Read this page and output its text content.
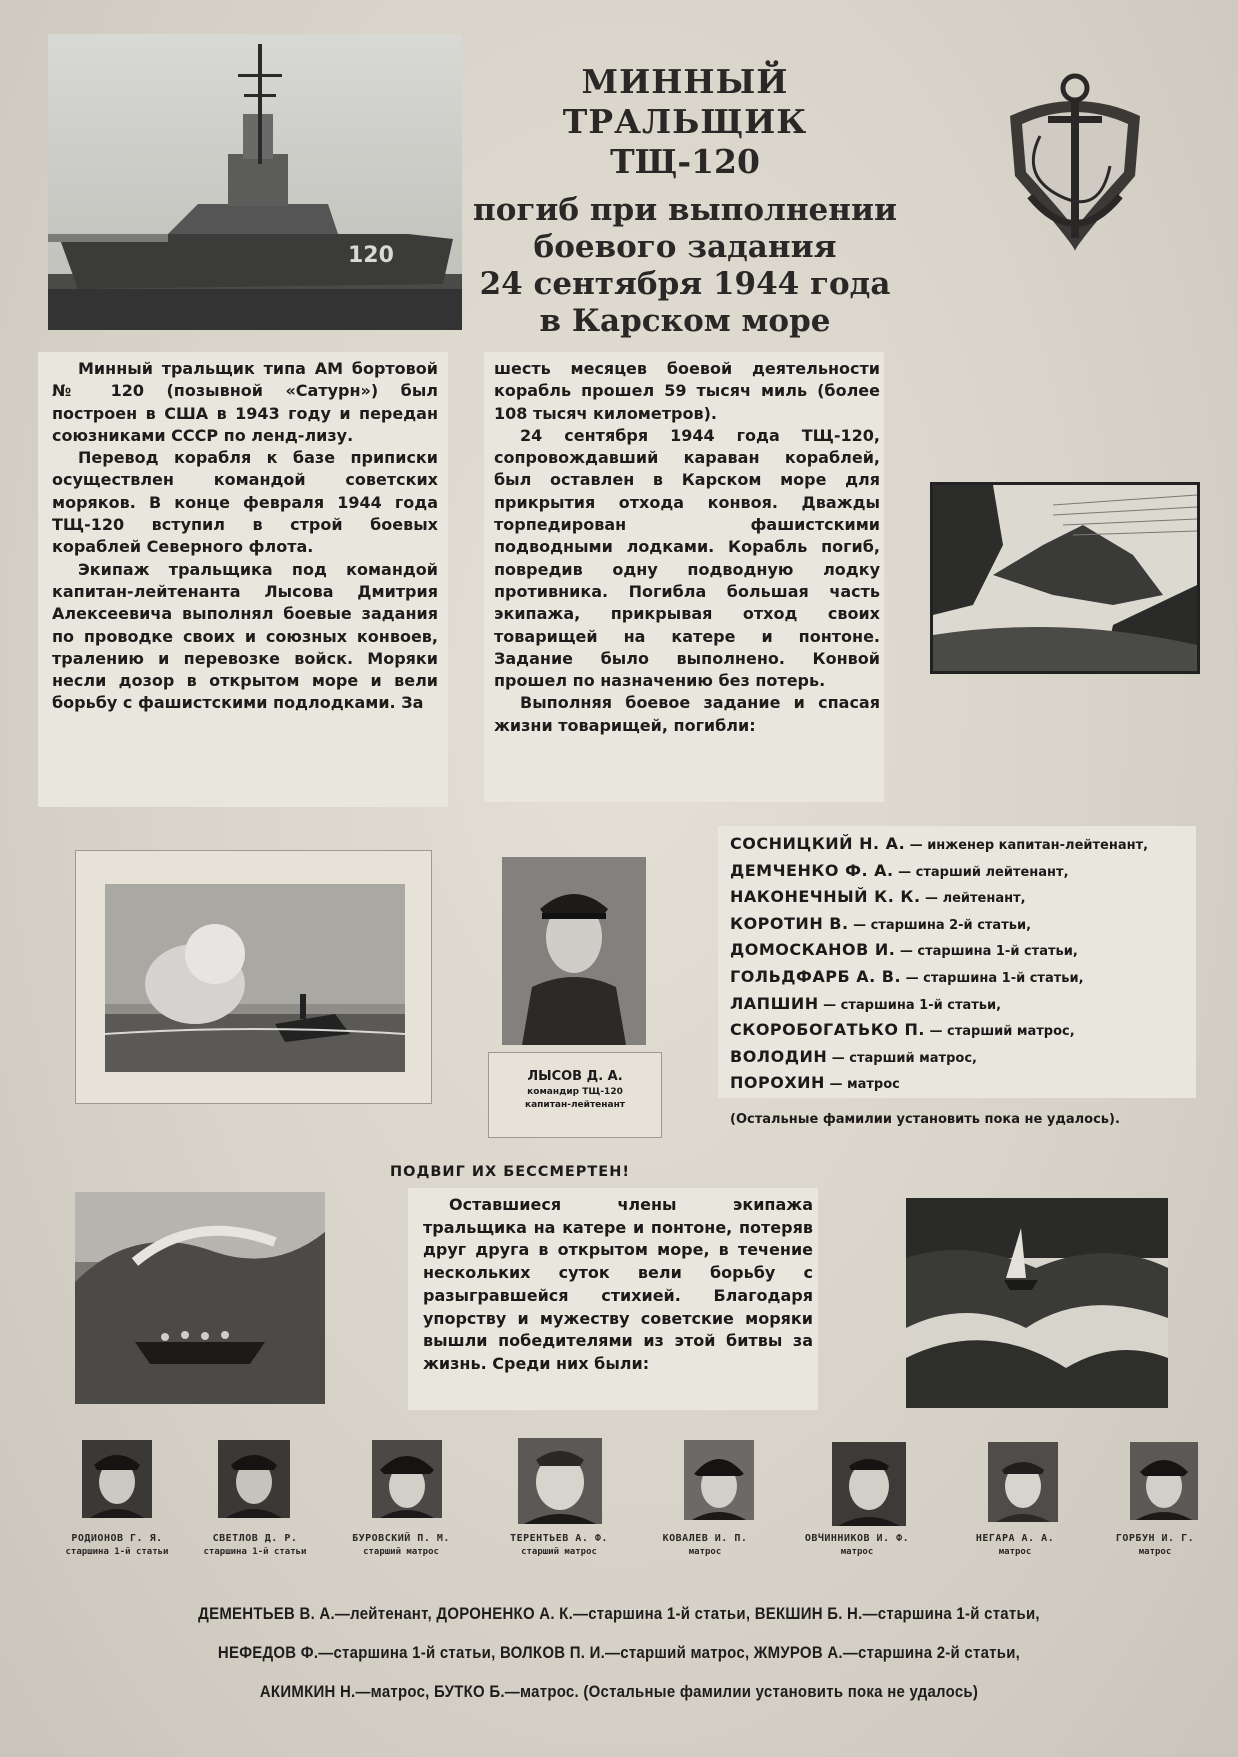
120
МИННЫЙ ТРАЛЬЩИК
ТЩ-120
погиб при выполнении
боевого задания
24 сентября 1944 года
в Карском море

Минный тральщик типа АМ бортовой № 120 (позывной «Сатурн») был построен в США в 1943 году и передан союзниками СССР по ленд-лизу.

Перевод корабля к базе приписки осуществлен командой советских моряков. В конце февраля 1944 года ТЩ-120 вступил в строй боевых кораблей Северного флота.

Экипаж тральщика под командой капитан-лейтенанта Лысова Дмитрия Алексеевича выполнял боевые задания по проводке своих и союзных конвоев, тралению и перевозке войск. Моряки несли дозор в открытом море и вели борьбу с фашистскими подлодками. За

шесть месяцев боевой деятельности корабль прошел 59 тысяч миль (более 108 тысяч километров).

24 сентября 1944 года ТЩ-120, сопровождавший караван кораблей, был оставлен в Карском море для прикрытия отхода конвоя. Дважды торпедирован фашистскими подводными лодками. Корабль погиб, повредив одну подводную лодку противника. Погибла большая часть экипажа, прикрывая отход своих товарищей на катере и понтоне. Задание было выполнено. Конвой прошел по назначению без потерь.

Выполняя боевое задание и спасая жизни товарищей, погибли:

ЛЫСОВ Д. А.
командир ТЩ-120
капитан-лейтенант
СОСНИЦКИЙ Н. А. — инженер капитан-лейтенант,
ДЕМЧЕНКО Ф. А. — старший лейтенант,
НАКОНЕЧНЫЙ К. К. — лейтенант,
КОРОТИН В. — старшина 2-й статьи,
ДОМОСКАНОВ И. — старшина 1-й статьи,
ГОЛЬДФАРБ А. В. — старшина 1-й статьи,
ЛАПШИН — старшина 1-й статьи,
СКОРОБОГАТЬКО П. — старший матрос,
ВОЛОДИН — старший матрос,
ПОРОХИН — матрос
(Остальные фамилии установить пока не удалось).
ПОДВИГ ИХ БЕССМЕРТЕН!

Оставшиеся члены экипажа тральщика на катере и понтоне, потеряв друг друга в открытом море, в течение нескольких суток вели борьбу с разыгравшейся стихией. Благодаря упорству и мужеству советские моряки вышли победителями из этой битвы за жизнь. Среди них были:

РОДИОНОВ Г. Я.
старшина 1-й статьи
СВЕТЛОВ Д. Р.
старшина 1-й статьи
БУРОВСКИЙ П. М.
старший матрос
ТЕРЕНТЬЕВ А. Ф.
старший матрос
КОВАЛЕВ И. П.
матрос
ОВЧИННИКОВ И. Ф.
матрос
НЕГАРА А. А.
матрос
ГОРБУН И. Г.
матрос
ДЕМЕНТЬЕВ В. А.—лейтенант, ДОРОНЕНКО А. К.—старшина 1-й статьи, ВЕКШИН Б. Н.—старшина 1-й статьи,
НЕФЕДОВ Ф.—старшина 1-й статьи, ВОЛКОВ П. И.—старший матрос, ЖМУРОВ А.—старшина 2-й статьи,
АКИМКИН Н.—матрос, БУТКО Б.—матрос. (Остальные фамилии установить пока не удалось)
